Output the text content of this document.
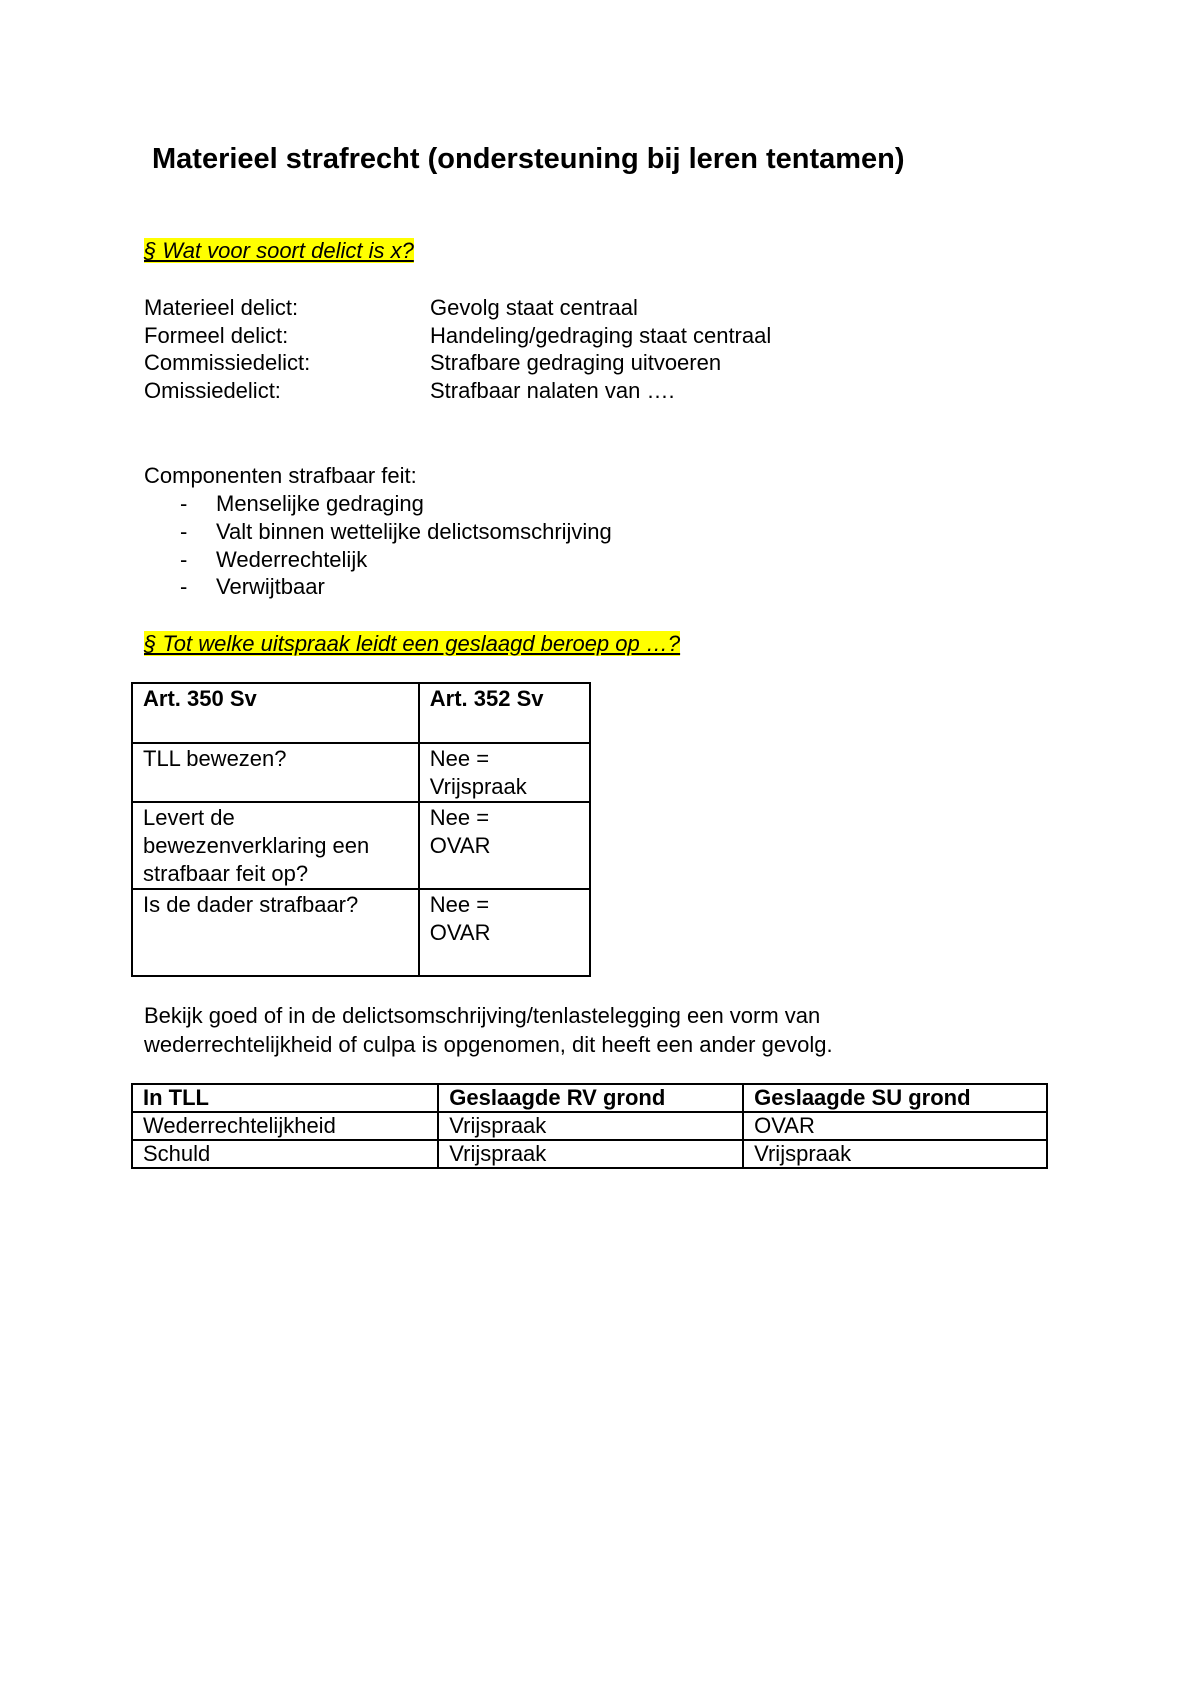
Materieel strafrecht (ondersteuning bij leren tentamen)
§ Wat voor soort delict is x?
Materieel delict:	Gevolg staat centraal
Formeel delict:	Handeling/gedraging staat centraal
Commissiedelict:	Strafbare gedraging uitvoeren
Omissiedelict:	Strafbaar nalaten van ….
Componenten strafbaar feit:
- Menselijke gedraging
- Valt binnen wettelijke delictsomschrijving
- Wederrechtelijk
- Verwijtbaar
§ Tot welke uitspraak leidt een geslaagd beroep op …?
Art. 350 Sv	Art. 352 Sv
TLL bewezen?	Nee =
Vrijspraak
Levert de
bewezenverklaring een
strafbaar feit op?	Nee =
OVAR
Is de dader strafbaar?	Nee =
OVAR
Bekijk goed of in de delictsomschrijving/tenlastelegging een vorm van
wederrechtelijkheid of culpa is opgenomen, dit heeft een ander gevolg.
In TLL	Geslaagde RV grond	Geslaagde SU grond
Wederrechtelijkheid	Vrijspraak	OVAR
Schuld	Vrijspraak	Vrijspraak
